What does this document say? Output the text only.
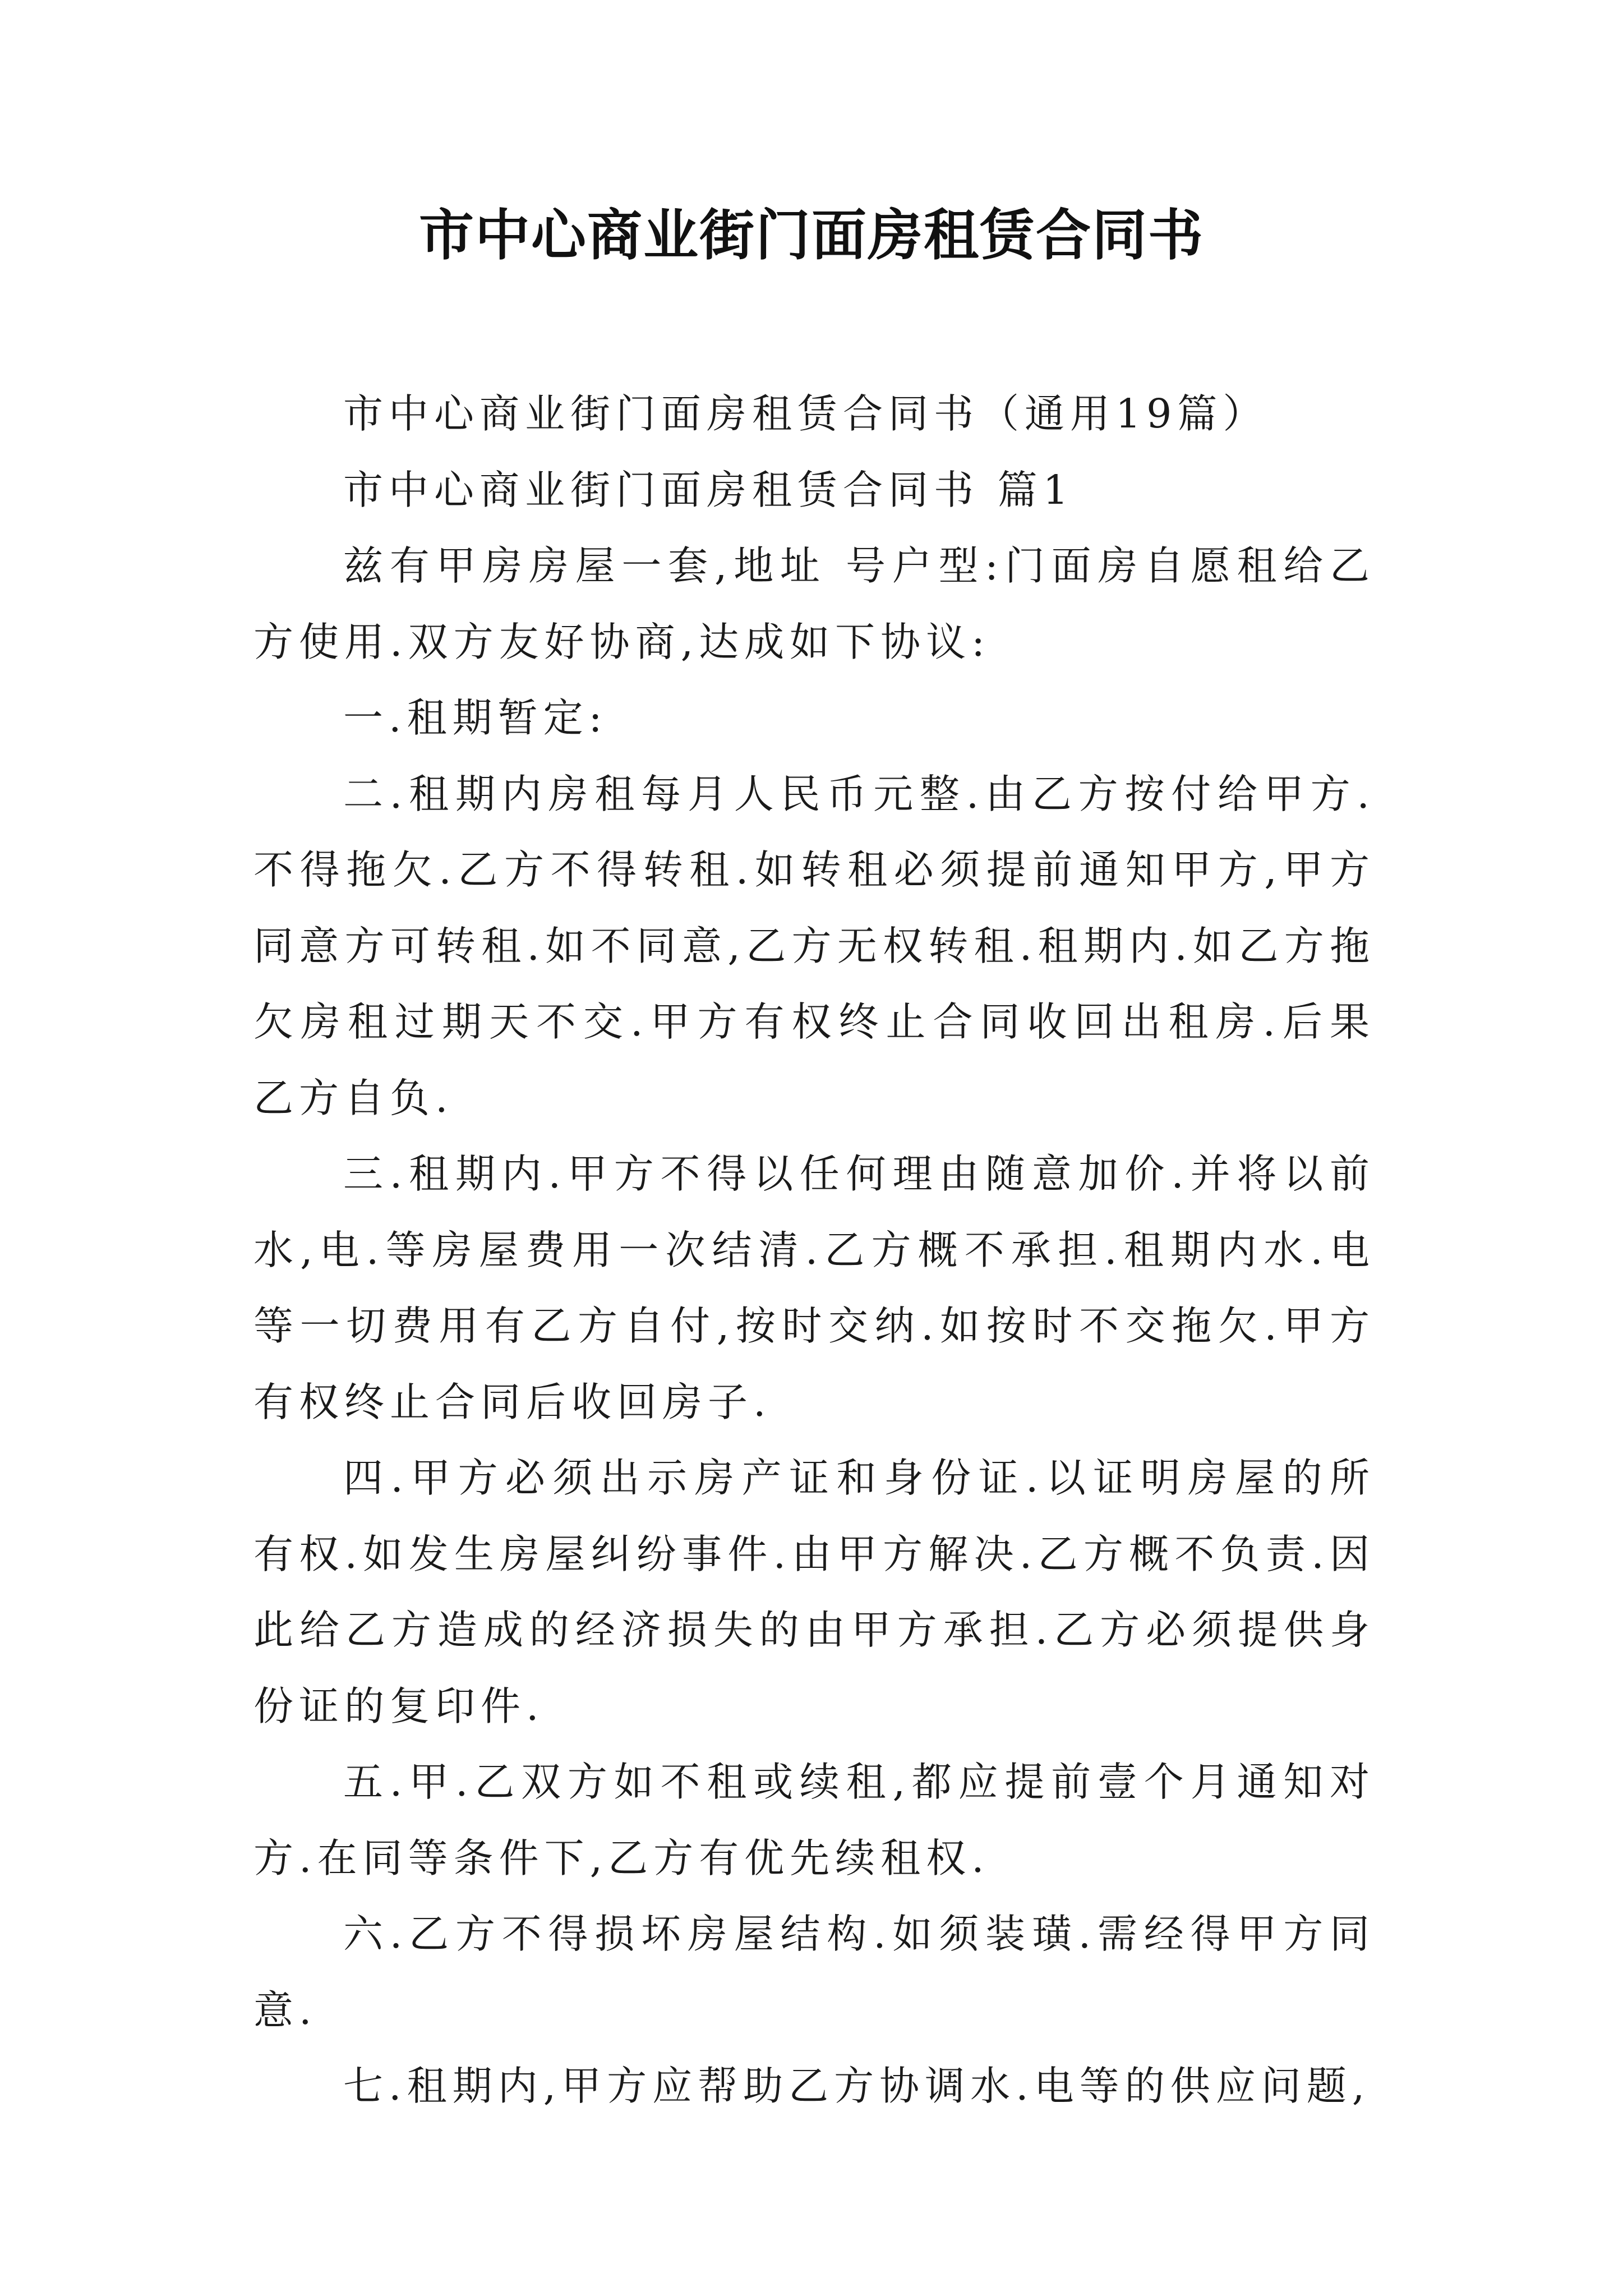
市中心商业街门面房租赁合同书

市中心商业街门面房租赁合同书（通用19篇）

市中心商业街门面房租赁合同书 篇1

兹有甲房房屋一套,地址 号户型:门面房自愿租给乙方使用.双方友好协商,达成如下协议:

一.租期暂定:

二.租期内房租每月人民币元整.由乙方按付给甲方.不得拖欠.乙方不得转租.如转租必须提前通知甲方,甲方同意方可转租.如不同意,乙方无权转租.租期内.如乙方拖欠房租过期天不交.甲方有权终止合同收回出租房.后果乙方自负.

三.租期内.甲方不得以任何理由随意加价.并将以前水,电.等房屋费用一次结清.乙方概不承担.租期内水.电等一切费用有乙方自付,按时交纳.如按时不交拖欠.甲方有权终止合同后收回房子.

四.甲方必须出示房产证和身份证.以证明房屋的所有权.如发生房屋纠纷事件.由甲方解决.乙方概不负责.因此给乙方造成的经济损失的由甲方承担.乙方必须提供身份证的复印件.

五.甲.乙双方如不租或续租,都应提前壹个月通知对方.在同等条件下,乙方有优先续租权.

六.乙方不得损坏房屋结构.如须装璜.需经得甲方同意.

七.租期内,甲方应帮助乙方协调水.电等的供应问题,
